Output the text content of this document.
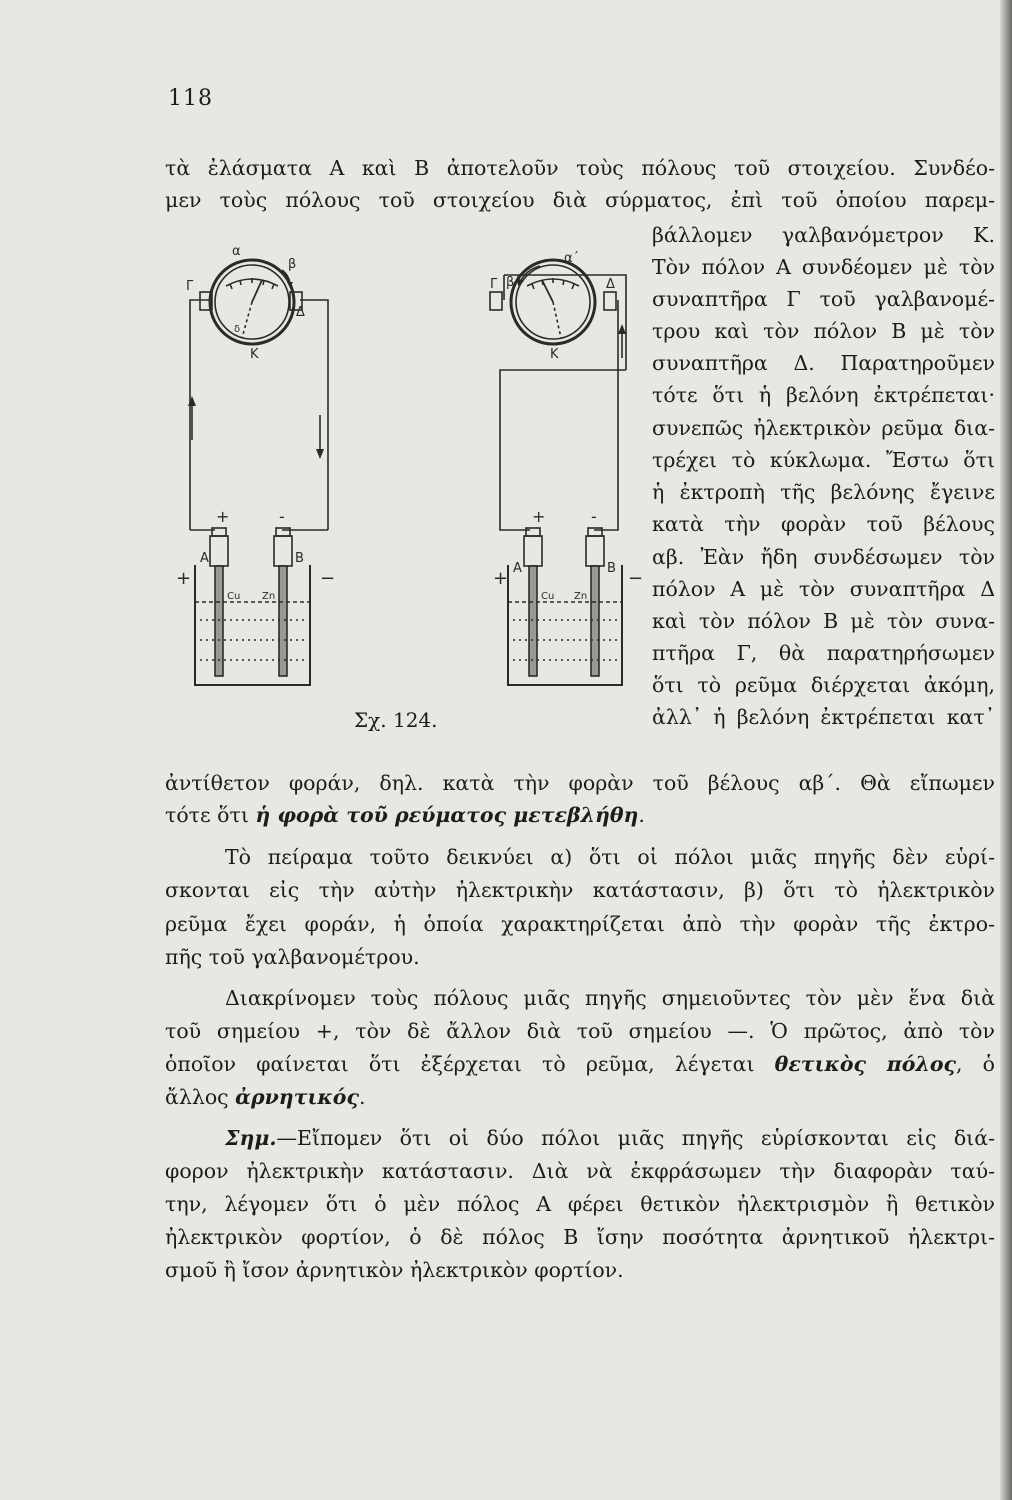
118
τὰ ἐλάσματα Α καὶ Β ἀποτελοῦν τοὺς πόλους τοῦ στοιχείου. Συνδέο-
μεν τοὺς πόλους τοῦ στοιχείου διὰ σύρματος, ἐπὶ τοῦ ὁποίου παρεμ-
βάλλομεν γαλβανόμετρον Κ.
Τὸν πόλον Α συνδέομεν μὲ τὸν
συναπτῆρα Γ τοῦ γαλβανομέ-
τρου καὶ τὸν πόλον Β μὲ τὸν
συναπτῆρα Δ. Παρατηροῦμεν
τότε ὅτι ἡ βελόνη ἐκτρέπεται·
συνεπῶς ἠλεκτρικὸν ρεῦμα δια-
τρέχει τὸ κύκλωμα. Ἔστω ὅτι
ἡ ἐκτροπὴ τῆς βελόνης ἔγεινε
κατὰ τὴν φορὰν τοῦ βέλους
αβ. Ἐὰν ἤδη συνδέσωμεν τὸν
πόλον Α μὲ τὸν συναπτῆρα Δ
καὶ τὸν πόλον Β μὲ τὸν συνα-
πτῆρα Γ, θὰ παρατηρήσωμεν
ὅτι τὸ ρεῦμα διέρχεται ἀκόμη,
ἀλλ᾽ ἡ βελόνη ἐκτρέπεται κατ᾽
α
β
Γ
Δ
δ
Κ
+	-
Α	Β
Cu Zn
+	−
α΄
β΄
Γ	Δ
Κ
+	-
Α	Β
Cu Zn
+	−
Σχ. 124.
ἀντίθετον φοράν, δηλ. κατὰ τὴν φορὰν τοῦ βέλους αβ΄. Θὰ εἴπωμεν
τότε ὅτι ἡ φορὰ τοῦ ρεύματος μετεβλήθη.
Τὸ πείραμα τοῦτο δεικνύει α) ὅτι οἱ πόλοι μιᾶς πηγῆς δὲν εὑρί-
σκονται εἰς τὴν αὐτὴν ἠλεκτρικὴν κατάστασιν, β) ὅτι τὸ ἠλεκτρικὸν
ρεῦμα ἔχει φοράν, ἡ ὁποία χαρακτηρίζεται ἀπὸ τὴν φορὰν τῆς ἐκτρο-
πῆς τοῦ γαλβανομέτρου.
Διακρίνομεν τοὺς πόλους μιᾶς πηγῆς σημειοῦντες τὸν μὲν ἕνα διὰ
τοῦ σημείου +, τὸν δὲ ἄλλον διὰ τοῦ σημείου —. Ὁ πρῶτος, ἀπὸ τὸν
ὁποῖον φαίνεται ὅτι ἐξέρχεται τὸ ρεῦμα, λέγεται θετικὸς πόλος, ὁ
ἄλλος ἀρνητικός.
Σημ.—Εἴπομεν ὅτι οἱ δύο πόλοι μιᾶς πηγῆς εὑρίσκονται εἰς διά-
φορον ἠλεκτρικὴν κατάστασιν. Διὰ νὰ ἐκφράσωμεν τὴν διαφορὰν ταύ-
την, λέγομεν ὅτι ὁ μὲν πόλος Α φέρει θετικὸν ἠλεκτρισμὸν ἢ θετικὸν
ἠλεκτρικὸν φορτίον, ὁ δὲ πόλος Β ἴσην ποσότητα ἀρνητικοῦ ἠλεκτρι-
σμοῦ ἢ ἴσον ἀρνητικὸν ἠλεκτρικὸν φορτίον.
